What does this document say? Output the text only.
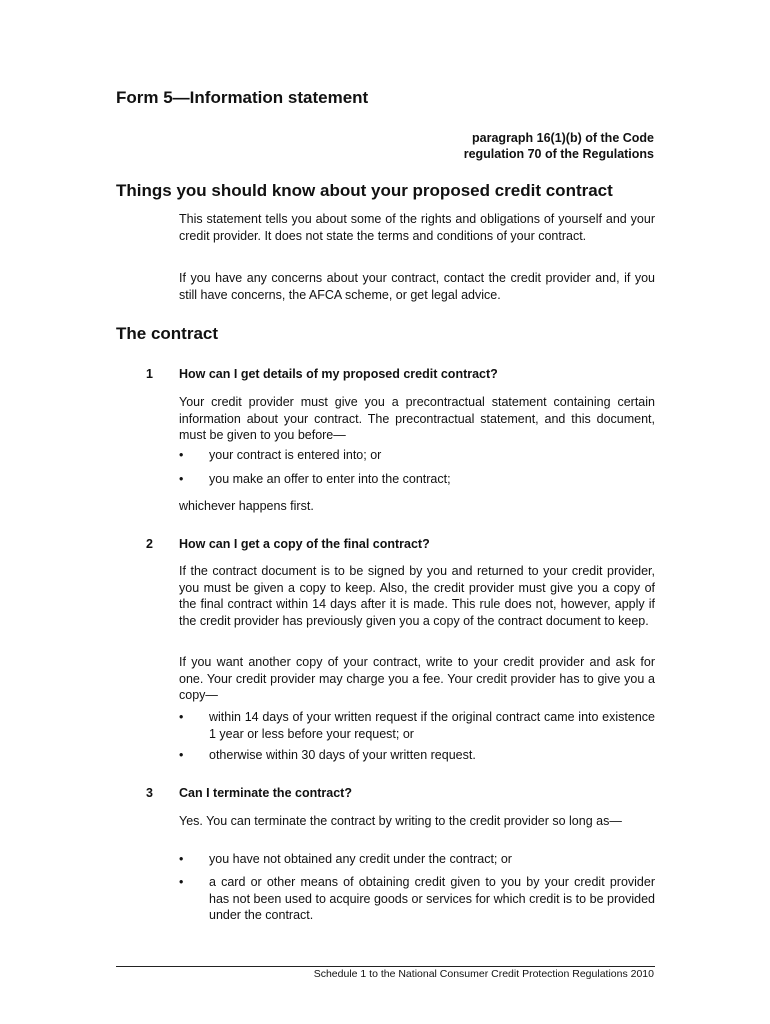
Form 5—Information statement
paragraph 16(1)(b) of the Code
regulation 70 of the Regulations
Things you should know about your proposed credit contract
This statement tells you about some of the rights and obligations of yourself and your credit provider. It does not state the terms and conditions of your contract.
If you have any concerns about your contract, contact the credit provider and, if you still have concerns, the AFCA scheme, or get legal advice.
The contract
1 How can I get details of my proposed credit contract?
Your credit provider must give you a precontractual statement containing certain information about your contract. The precontractual statement, and this document, must be given to you before—
• your contract is entered into; or
• you make an offer to enter into the contract;
whichever happens first.
2 How can I get a copy of the final contract?
If the contract document is to be signed by you and returned to your credit provider, you must be given a copy to keep. Also, the credit provider must give you a copy of the final contract within 14 days after it is made. This rule does not, however, apply if the credit provider has previously given you a copy of the contract document to keep.
If you want another copy of your contract, write to your credit provider and ask for one. Your credit provider may charge you a fee. Your credit provider has to give you a copy—
• within 14 days of your written request if the original contract came into existence 1 year or less before your request; or
• otherwise within 30 days of your written request.
3 Can I terminate the contract?
Yes. You can terminate the contract by writing to the credit provider so long as—
• you have not obtained any credit under the contract; or
• a card or other means of obtaining credit given to you by your credit provider has not been used to acquire goods or services for which credit is to be provided under the contract.
Schedule 1 to the National Consumer Credit Protection Regulations 2010
